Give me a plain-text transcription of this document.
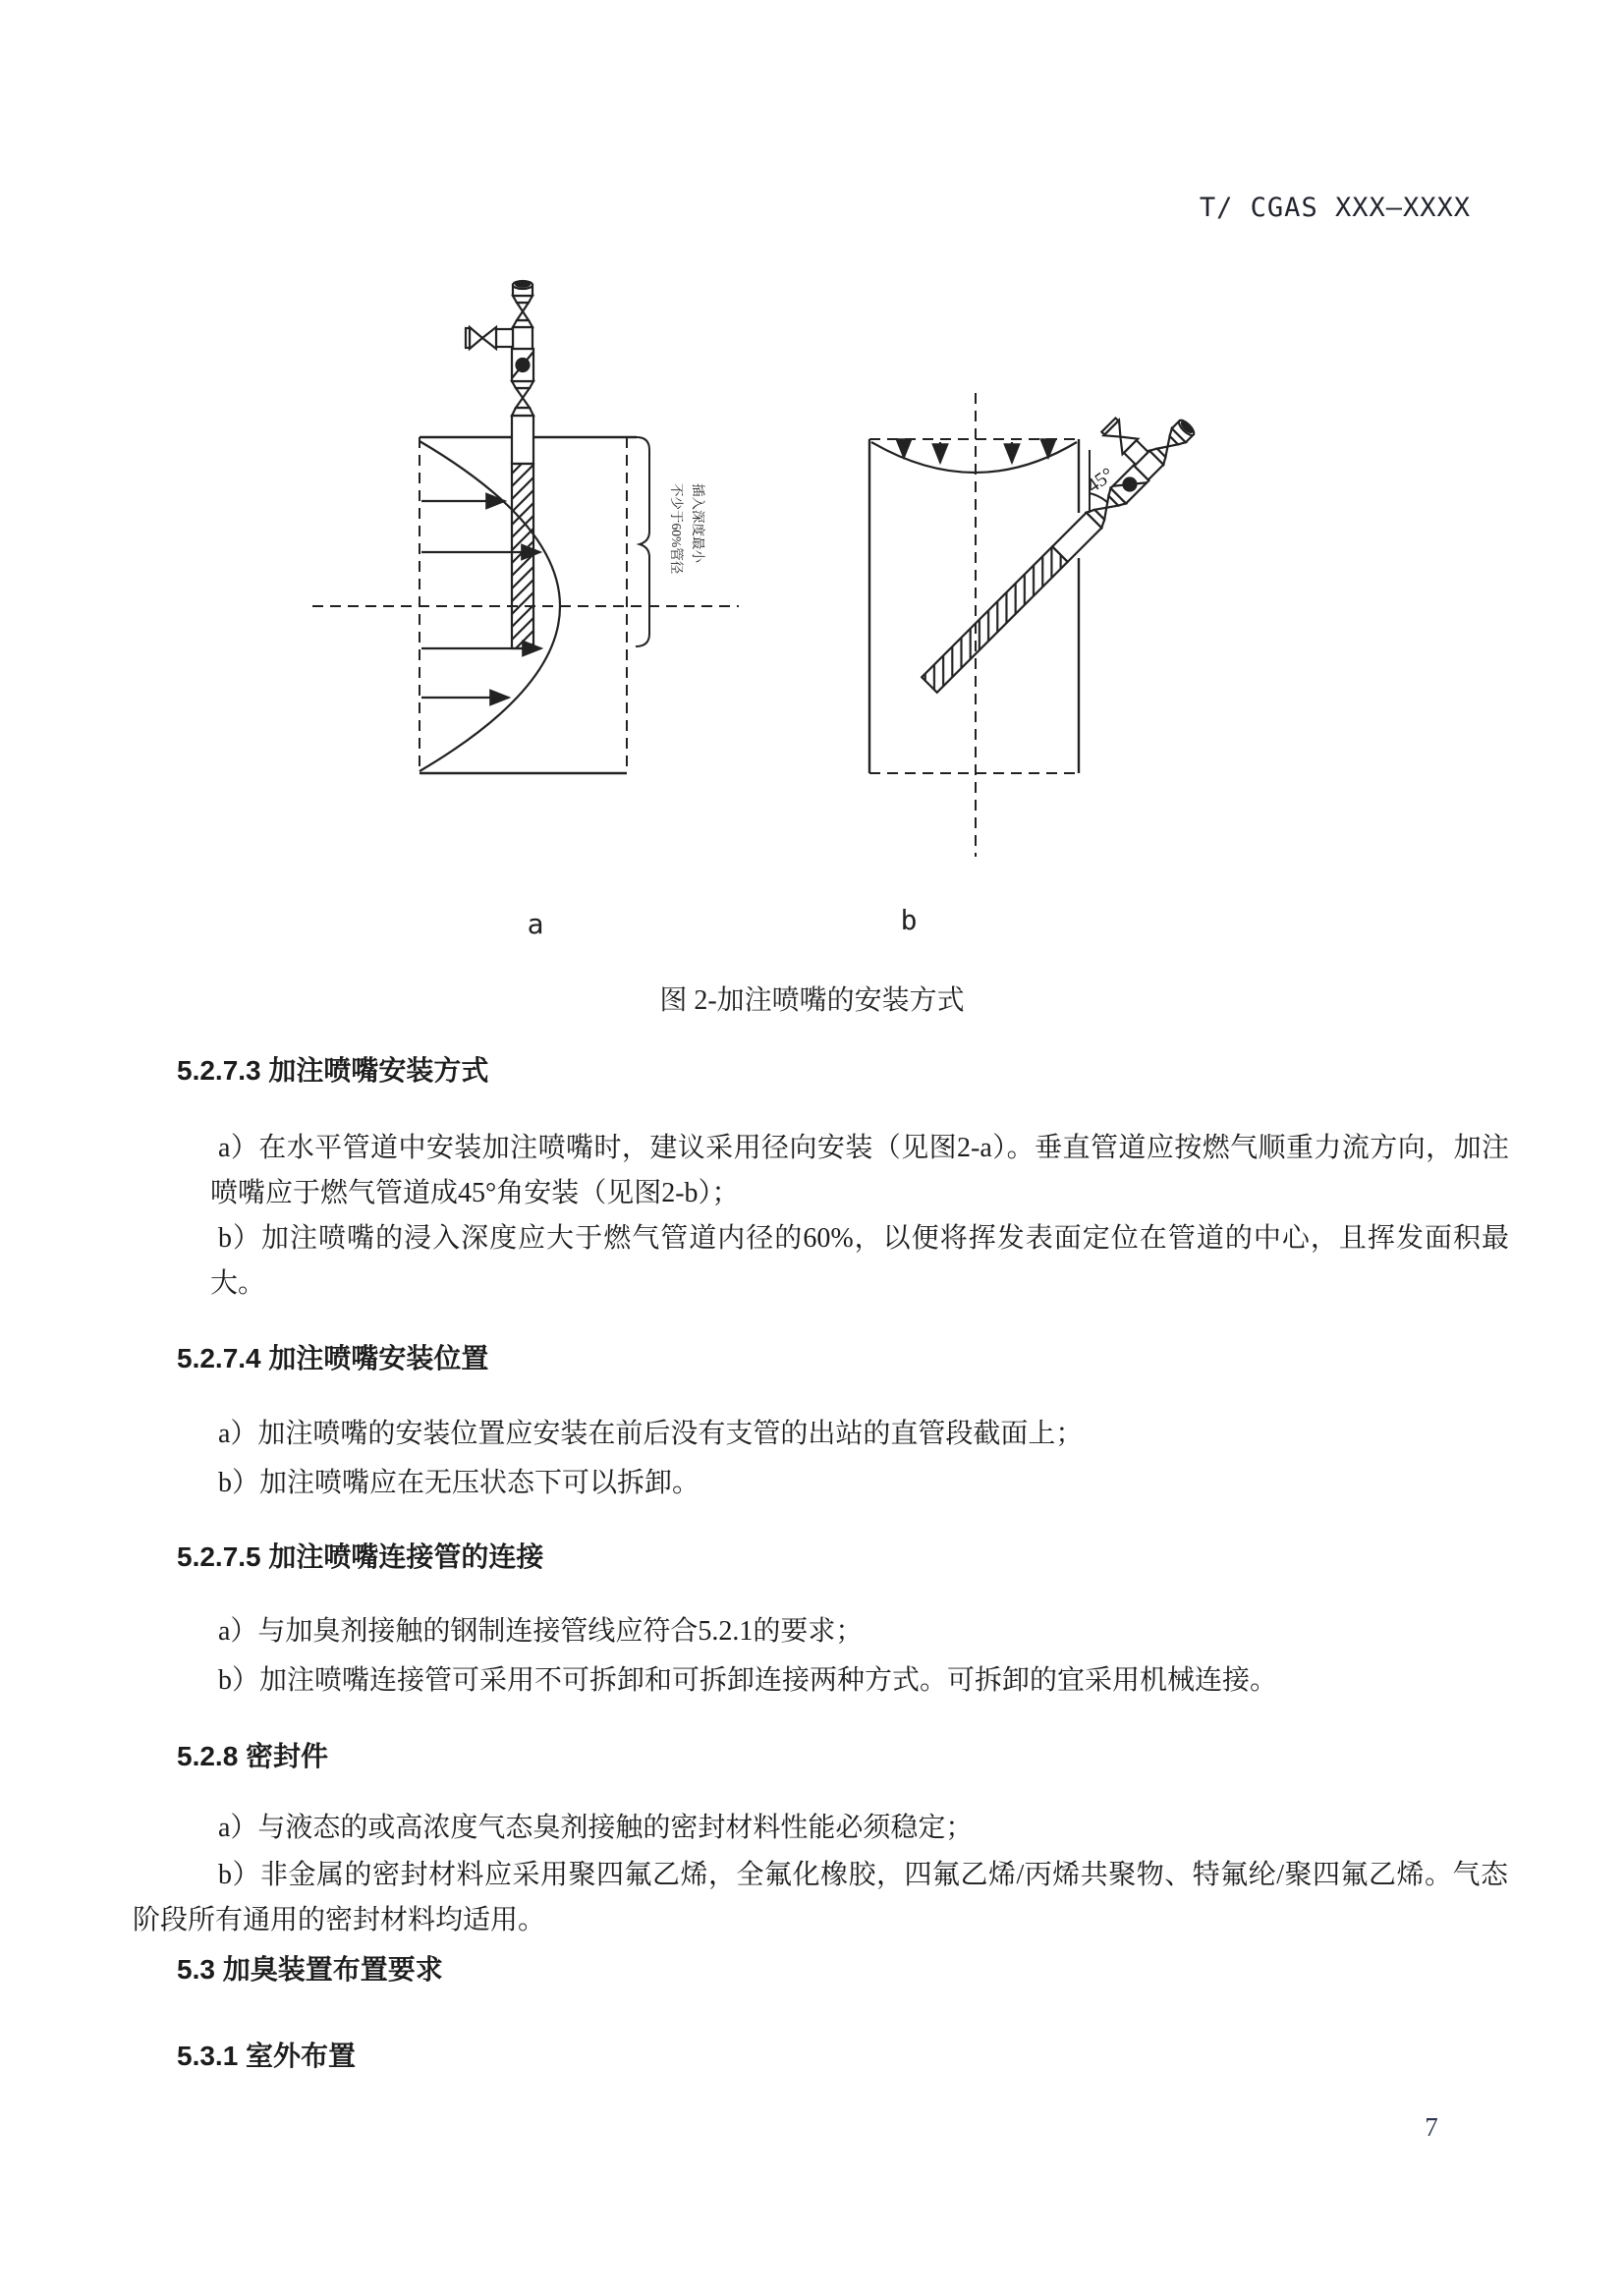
T/ CGAS XXX—XXXX
插入深度最小
不少于60%管径
45°
a	b
图 2-加注喷嘴的安装方式
5.2.7.3 加注喷嘴安装方式
a）在水平管道中安装加注喷嘴时，建议采用径向安装（见图2-a）。垂直管道应按燃气顺重力流方向，加注喷嘴应于燃气管道成45°角安装（见图2-b）；
b）加注喷嘴的浸入深度应大于燃气管道内径的60%，以便将挥发表面定位在管道的中心，且挥发面积最大。
5.2.7.4 加注喷嘴安装位置
a）加注喷嘴的安装位置应安装在前后没有支管的出站的直管段截面上；
b）加注喷嘴应在无压状态下可以拆卸。
5.2.7.5 加注喷嘴连接管的连接
a）与加臭剂接触的钢制连接管线应符合5.2.1的要求；
b）加注喷嘴连接管可采用不可拆卸和可拆卸连接两种方式。可拆卸的宜采用机械连接。
5.2.8 密封件
a）与液态的或高浓度气态臭剂接触的密封材料性能必须稳定；
b）非金属的密封材料应采用聚四氟乙烯，全氟化橡胶，四氟乙烯/丙烯共聚物、特氟纶/聚四氟乙烯。气态阶段所有通用的密封材料均适用。
5.3 加臭装置布置要求
5.3.1 室外布置
7
